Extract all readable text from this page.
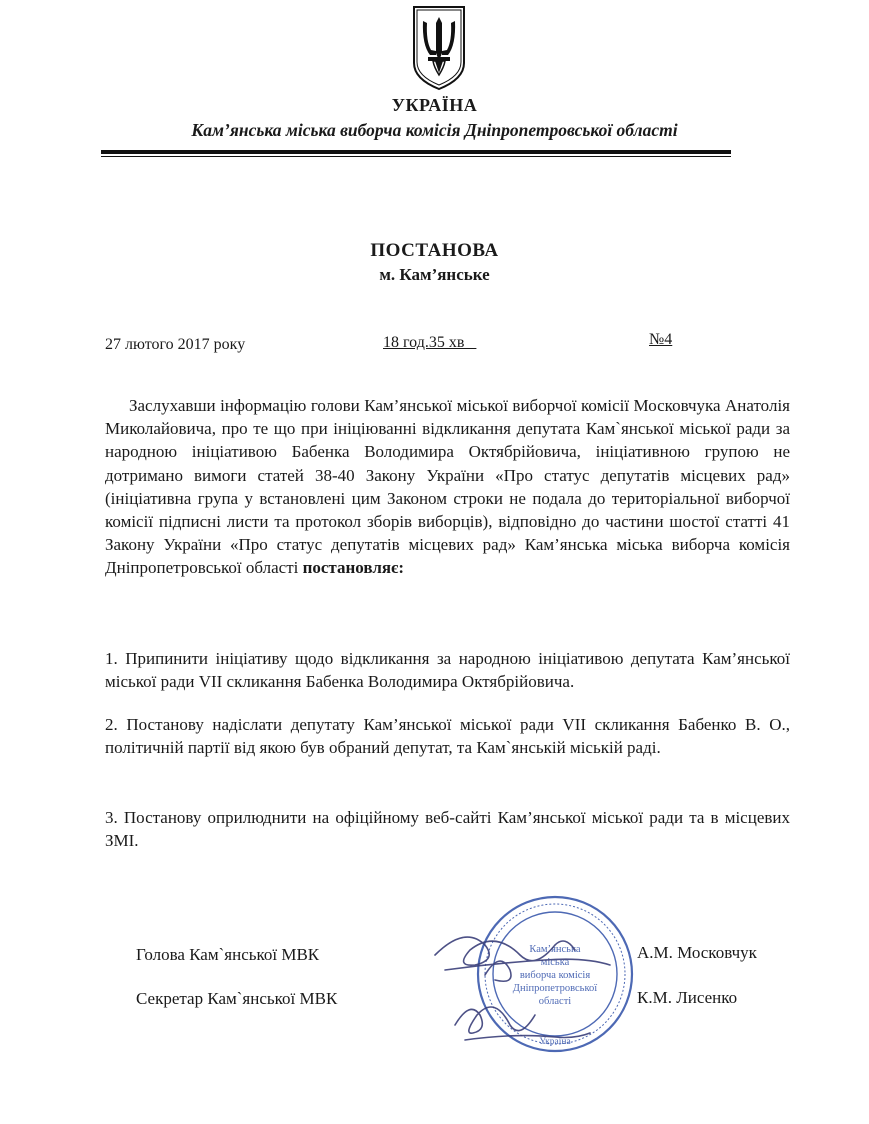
УКРАЇНА
Кам’янська міська виборча комісія Дніпропетровської області
ПОСТАНОВА
м. Кам’янське
27 лютого 2017 року	18 год.35 хв	№4
Заслухавши інформацію голови Кам’янської міської виборчої комісії Московчука Анатолія Миколайовича, про те що при ініціюванні відкликання депутата Кам`янської міської ради за народною ініціативою Бабенка Володимира Октябрійовича, ініціативною групою не дотримано вимоги статей 38-40 Закону України «Про статус депутатів місцевих рад» (ініціативна група у встановлені цим Законом строки не подала до територіальної виборчої комісії підписні листи та протокол зборів виборців), відповідно до частини шостої статті 41 Закону України «Про статус депутатів місцевих рад» Кам’янська міська виборча комісія Дніпропетровської області постановляє:
1. Припинити ініціативу щодо відкликання за народною ініціативою депутата Кам’янської міської ради VII скликання Бабенка Володимира Октябрійовича.
2. Постанову надіслати депутату Кам’янської міської ради VII скликання Бабенко В. О., політичній партії від якою був обраний депутат, та Кам`янській міській раді.
3. Постанову оприлюднити на офіційному веб-сайті Кам’янської міської ради та в місцевих ЗМІ.
Кам’янська
міська
виборча комісія
Дніпропетровської
області
Україна
Голова Кам`янської МВК	А.М. Московчук
Секретар Кам`янської МВК	К.М. Лисенко
